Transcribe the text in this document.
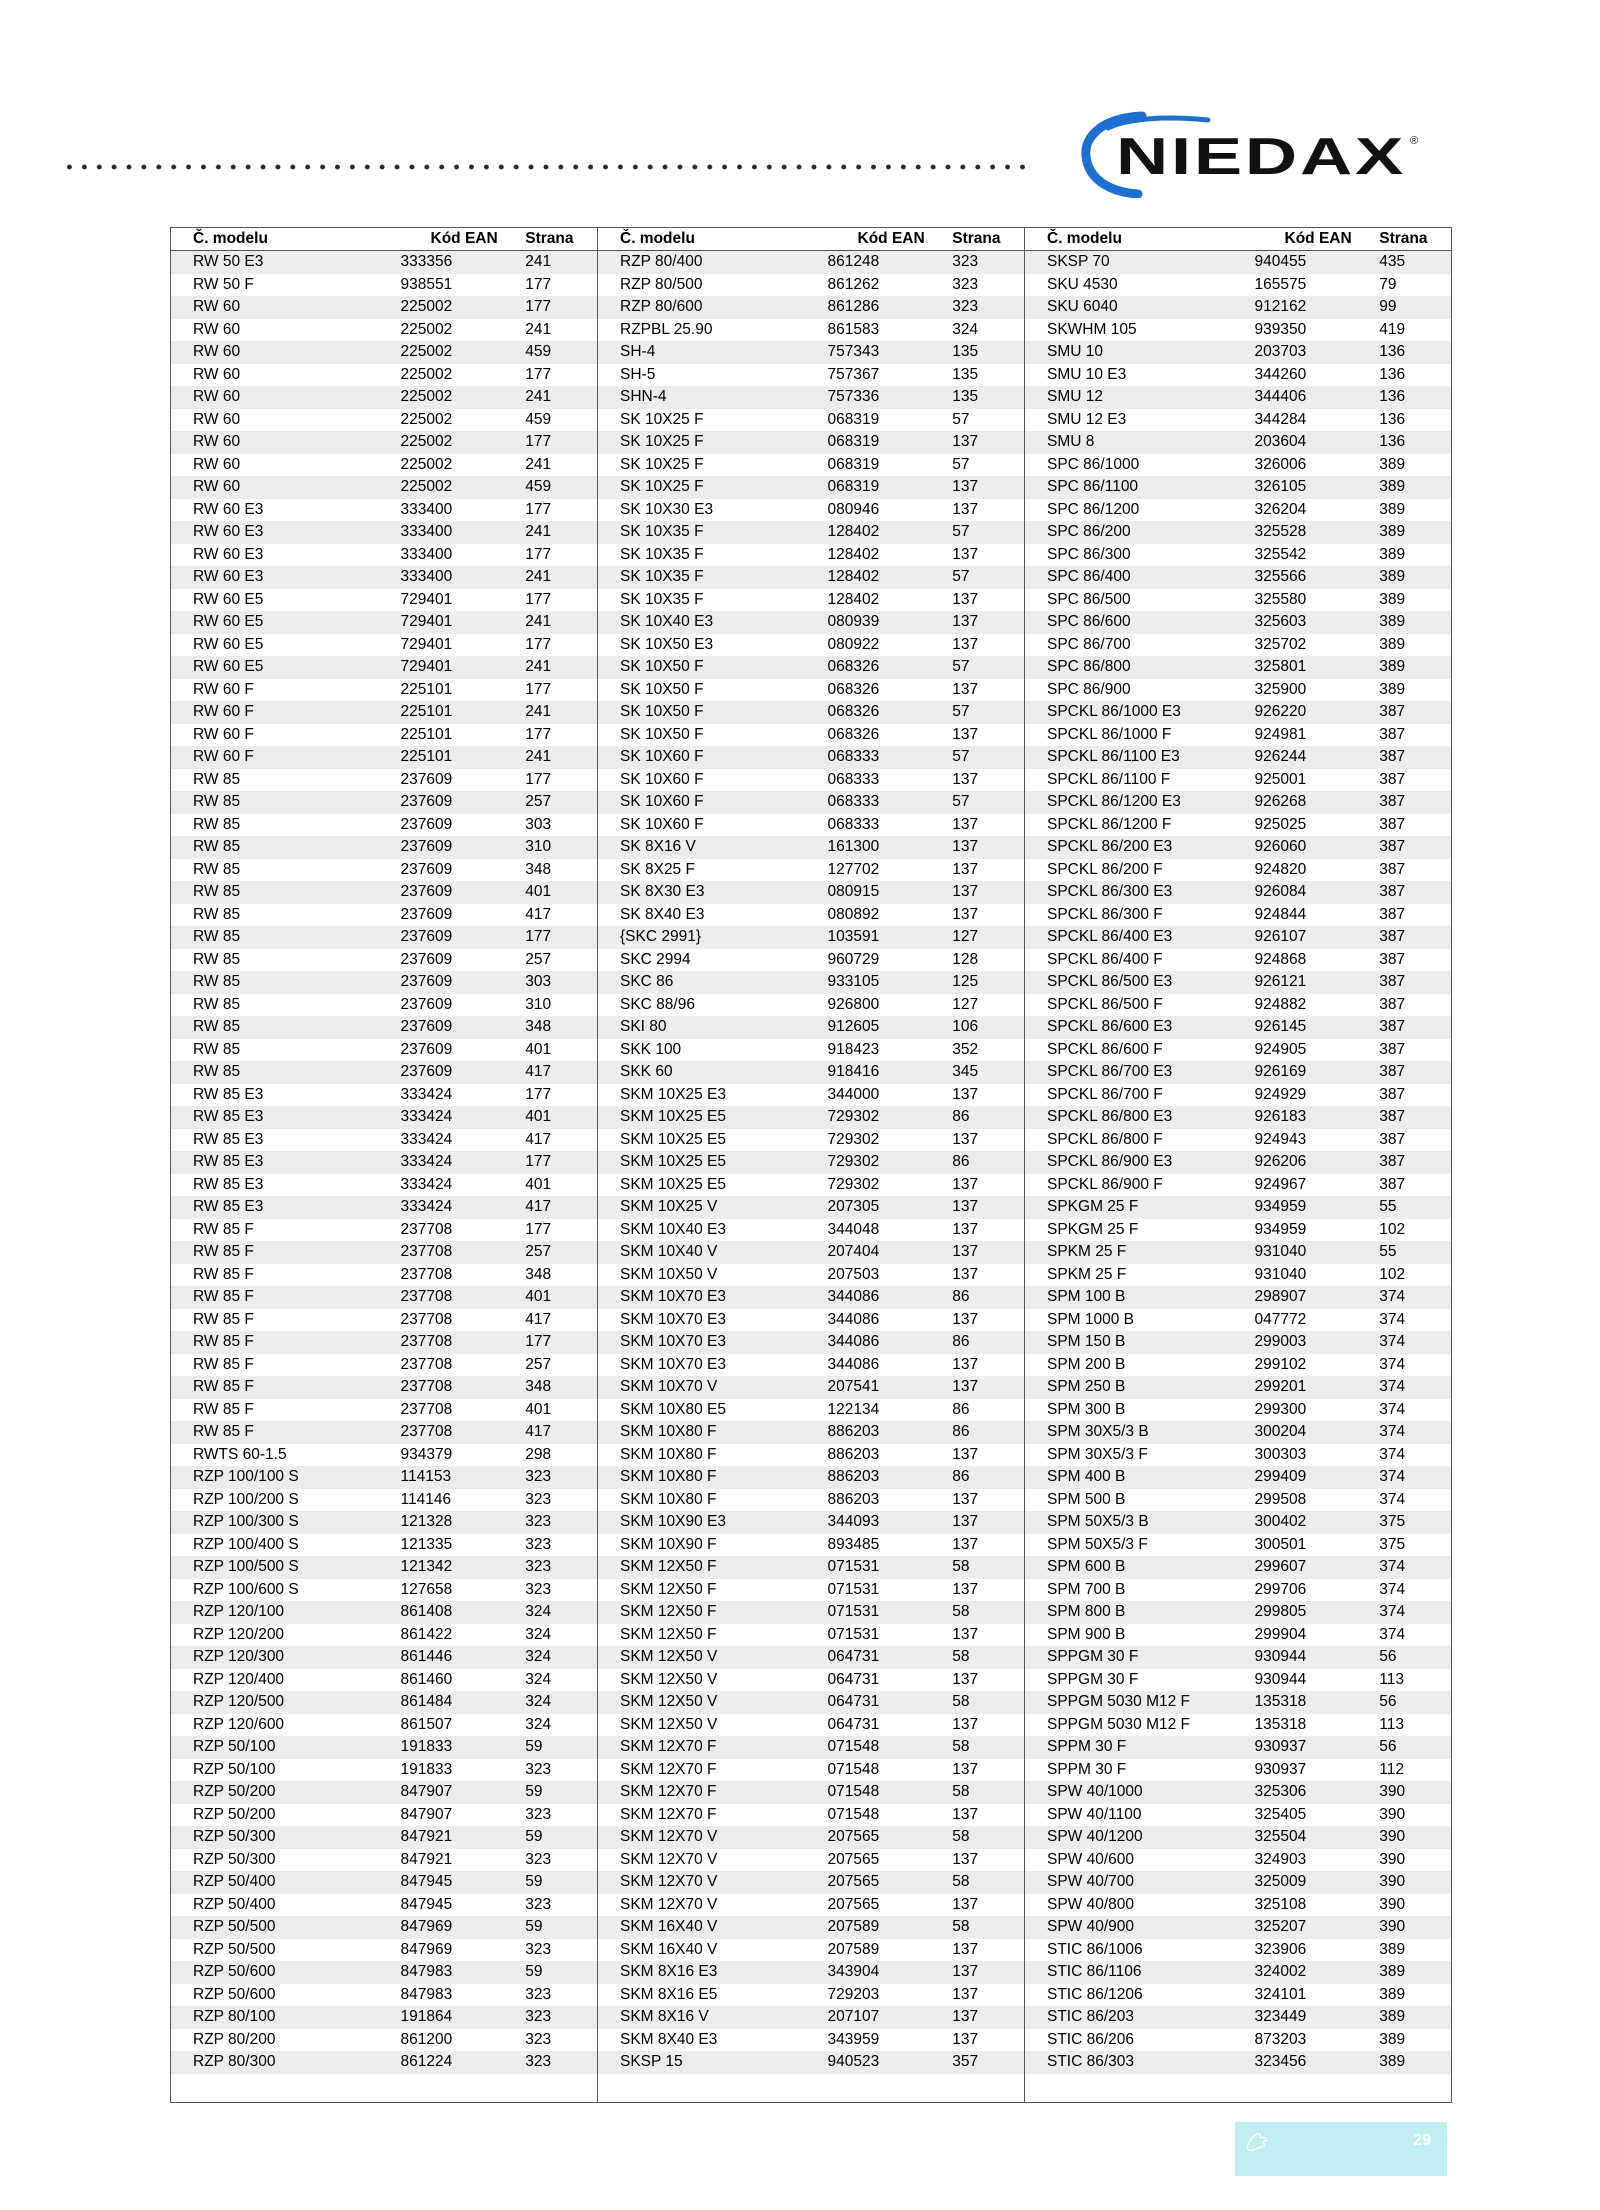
NIEDAX ®
Č. modelu	Kód EAN	Strana
RW 50 E3	333356	241
RW 50 F	938551	177
RW 60	225002	177
RW 60	225002	241
RW 60	225002	459
RW 60	225002	177
RW 60	225002	241
RW 60	225002	459
RW 60	225002	177
RW 60	225002	241
RW 60	225002	459
RW 60 E3	333400	177
RW 60 E3	333400	241
RW 60 E3	333400	177
RW 60 E3	333400	241
RW 60 E5	729401	177
RW 60 E5	729401	241
RW 60 E5	729401	177
RW 60 E5	729401	241
RW 60 F	225101	177
RW 60 F	225101	241
RW 60 F	225101	177
RW 60 F	225101	241
RW 85	237609	177
RW 85	237609	257
RW 85	237609	303
RW 85	237609	310
RW 85	237609	348
RW 85	237609	401
RW 85	237609	417
RW 85	237609	177
RW 85	237609	257
RW 85	237609	303
RW 85	237609	310
RW 85	237609	348
RW 85	237609	401
RW 85	237609	417
RW 85 E3	333424	177
RW 85 E3	333424	401
RW 85 E3	333424	417
RW 85 E3	333424	177
RW 85 E3	333424	401
RW 85 E3	333424	417
RW 85 F	237708	177
RW 85 F	237708	257
RW 85 F	237708	348
RW 85 F	237708	401
RW 85 F	237708	417
RW 85 F	237708	177
RW 85 F	237708	257
RW 85 F	237708	348
RW 85 F	237708	401
RW 85 F	237708	417
RWTS 60-1.5	934379	298
RZP 100/100 S	114153	323
RZP 100/200 S	114146	323
RZP 100/300 S	121328	323
RZP 100/400 S	121335	323
RZP 100/500 S	121342	323
RZP 100/600 S	127658	323
RZP 120/100	861408	324
RZP 120/200	861422	324
RZP 120/300	861446	324
RZP 120/400	861460	324
RZP 120/500	861484	324
RZP 120/600	861507	324
RZP 50/100	191833	59
RZP 50/100	191833	323
RZP 50/200	847907	59
RZP 50/200	847907	323
RZP 50/300	847921	59
RZP 50/300	847921	323
RZP 50/400	847945	59
RZP 50/400	847945	323
RZP 50/500	847969	59
RZP 50/500	847969	323
RZP 50/600	847983	59
RZP 50/600	847983	323
RZP 80/100	191864	323
RZP 80/200	861200	323
RZP 80/300	861224	323
Č. modelu	Kód EAN	Strana
RZP 80/400	861248	323
RZP 80/500	861262	323
RZP 80/600	861286	323
RZPBL 25.90	861583	324
SH-4	757343	135
SH-5	757367	135
SHN-4	757336	135
SK 10X25 F	068319	57
SK 10X25 F	068319	137
SK 10X25 F	068319	57
SK 10X25 F	068319	137
SK 10X30 E3	080946	137
SK 10X35 F	128402	57
SK 10X35 F	128402	137
SK 10X35 F	128402	57
SK 10X35 F	128402	137
SK 10X40 E3	080939	137
SK 10X50 E3	080922	137
SK 10X50 F	068326	57
SK 10X50 F	068326	137
SK 10X50 F	068326	57
SK 10X50 F	068326	137
SK 10X60 F	068333	57
SK 10X60 F	068333	137
SK 10X60 F	068333	57
SK 10X60 F	068333	137
SK 8X16 V	161300	137
SK 8X25 F	127702	137
SK 8X30 E3	080915	137
SK 8X40 E3	080892	137
{SKC 2991}	103591	127
SKC 2994	960729	128
SKC 86	933105	125
SKC 88/96	926800	127
SKI 80	912605	106
SKK 100	918423	352
SKK 60	918416	345
SKM 10X25 E3	344000	137
SKM 10X25 E5	729302	86
SKM 10X25 E5	729302	137
SKM 10X25 E5	729302	86
SKM 10X25 E5	729302	137
SKM 10X25 V	207305	137
SKM 10X40 E3	344048	137
SKM 10X40 V	207404	137
SKM 10X50 V	207503	137
SKM 10X70 E3	344086	86
SKM 10X70 E3	344086	137
SKM 10X70 E3	344086	86
SKM 10X70 E3	344086	137
SKM 10X70 V	207541	137
SKM 10X80 E5	122134	86
SKM 10X80 F	886203	86
SKM 10X80 F	886203	137
SKM 10X80 F	886203	86
SKM 10X80 F	886203	137
SKM 10X90 E3	344093	137
SKM 10X90 F	893485	137
SKM 12X50 F	071531	58
SKM 12X50 F	071531	137
SKM 12X50 F	071531	58
SKM 12X50 F	071531	137
SKM 12X50 V	064731	58
SKM 12X50 V	064731	137
SKM 12X50 V	064731	58
SKM 12X50 V	064731	137
SKM 12X70 F	071548	58
SKM 12X70 F	071548	137
SKM 12X70 F	071548	58
SKM 12X70 F	071548	137
SKM 12X70 V	207565	58
SKM 12X70 V	207565	137
SKM 12X70 V	207565	58
SKM 12X70 V	207565	137
SKM 16X40 V	207589	58
SKM 16X40 V	207589	137
SKM 8X16 E3	343904	137
SKM 8X16 E5	729203	137
SKM 8X16 V	207107	137
SKM 8X40 E3	343959	137
SKSP 15	940523	357
Č. modelu	Kód EAN	Strana
SKSP 70	940455	435
SKU 4530	165575	79
SKU 6040	912162	99
SKWHM 105	939350	419
SMU 10	203703	136
SMU 10 E3	344260	136
SMU 12	344406	136
SMU 12 E3	344284	136
SMU 8	203604	136
SPC 86/1000	326006	389
SPC 86/1100	326105	389
SPC 86/1200	326204	389
SPC 86/200	325528	389
SPC 86/300	325542	389
SPC 86/400	325566	389
SPC 86/500	325580	389
SPC 86/600	325603	389
SPC 86/700	325702	389
SPC 86/800	325801	389
SPC 86/900	325900	389
SPCKL 86/1000 E3	926220	387
SPCKL 86/1000 F	924981	387
SPCKL 86/1100 E3	926244	387
SPCKL 86/1100 F	925001	387
SPCKL 86/1200 E3	926268	387
SPCKL 86/1200 F	925025	387
SPCKL 86/200 E3	926060	387
SPCKL 86/200 F	924820	387
SPCKL 86/300 E3	926084	387
SPCKL 86/300 F	924844	387
SPCKL 86/400 E3	926107	387
SPCKL 86/400 F	924868	387
SPCKL 86/500 E3	926121	387
SPCKL 86/500 F	924882	387
SPCKL 86/600 E3	926145	387
SPCKL 86/600 F	924905	387
SPCKL 86/700 E3	926169	387
SPCKL 86/700 F	924929	387
SPCKL 86/800 E3	926183	387
SPCKL 86/800 F	924943	387
SPCKL 86/900 E3	926206	387
SPCKL 86/900 F	924967	387
SPKGM 25 F	934959	55
SPKGM 25 F	934959	102
SPKM 25 F	931040	55
SPKM 25 F	931040	102
SPM 100 B	298907	374
SPM 1000 B	047772	374
SPM 150 B	299003	374
SPM 200 B	299102	374
SPM 250 B	299201	374
SPM 300 B	299300	374
SPM 30X5/3 B	300204	374
SPM 30X5/3 F	300303	374
SPM 400 B	299409	374
SPM 500 B	299508	374
SPM 50X5/3 B	300402	375
SPM 50X5/3 F	300501	375
SPM 600 B	299607	374
SPM 700 B	299706	374
SPM 800 B	299805	374
SPM 900 B	299904	374
SPPGM 30 F	930944	56
SPPGM 30 F	930944	113
SPPGM 5030 M12 F	135318	56
SPPGM 5030 M12 F	135318	113
SPPM 30 F	930937	56
SPPM 30 F	930937	112
SPW 40/1000	325306	390
SPW 40/1100	325405	390
SPW 40/1200	325504	390
SPW 40/600	324903	390
SPW 40/700	325009	390
SPW 40/800	325108	390
SPW 40/900	325207	390
STIC 86/1006	323906	389
STIC 86/1106	324002	389
STIC 86/1206	324101	389
STIC 86/203	323449	389
STIC 86/206	873203	389
STIC 86/303	323456	389
29
